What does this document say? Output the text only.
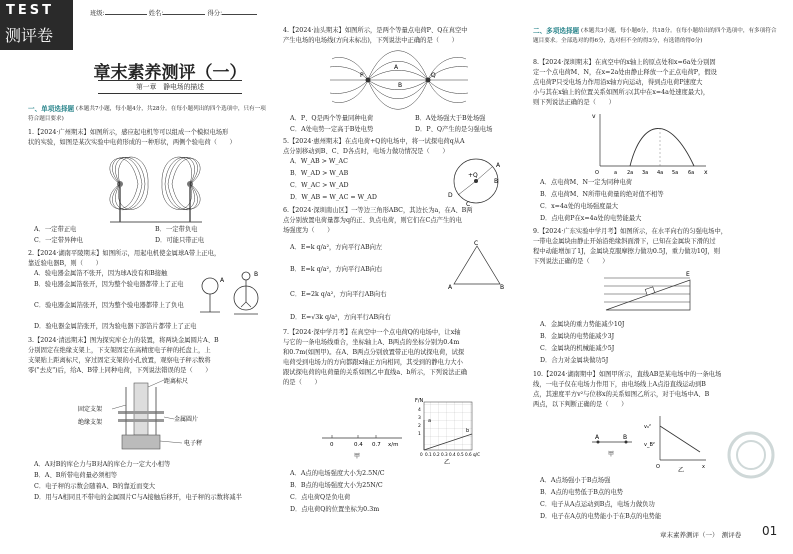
TEST
测评卷
班级:	姓名:	得分:
章末素养测评（一）
第一章　静电场的描述
一、单项选择题 (本题共7小题，每小题4分，共28分。在每小题列出的四个选项中，只有一项符合题目要求)
1.【2024·广州期末】如图所示，感应起电机等可以组成一个模拟电场形
状的实验，如图是某次实验中电荷形成的一种形状，两侧个验电荷（　　）
A．一定带正电	B．一定带负电
C．一定带异种电	D．可能只带正电
2.【2024·湖南平陵期末】如图所示，用起电机使金属球A带上正电，
靠近验电器B，则（　　）
A．验电器金属箔不张开，因为球A没有和B接触
B．验电器金属箔张开，因为整个验电器都带上了正电
C．验电器金属箔张开，因为整个验电器都带上了负电
D．验电器金属箔张开，因为验电器下部箔片都带上了正电
A
B
3.【2024·清远期末】图为探究库仑力的装置，将两块金属圆片A、B
分别固定在绝缘支架上，下支架固定在高精度电子秤的托盘上，上
支架贴上距离标尺，穿过固定支架的小孔放置，观察电子秤示数将
零("去皮")后，给A、B带上同种电荷，下列说法错误的是（　　）
距离标尺
固定支架
绝缘支架	金属圆片
电子秤
A．A对B的库仑力与B对A的库仑力一定大小相等
B．A、B所带电荷量必须相等
C．电子秤的示数会随着A、B的靠近而变大
D．用与A相同且不带电的金属圆片C与A接触后移开，电子秤的示数将减半
4.【2024·汕头期末】如图所示，是两个等量点电荷P、Q在真空中
产生电场的电场线(方向未标出)，下列说法中正确的是（　　）
P	Q
A
B
A．P、Q是两个等量同种电荷	B．A处场强大于B处场强
C．A处电势一定高于B处电势	D．P、Q产生的是匀强电场
5.【2024·惠州期末】在点电荷+Q的电场中，将一试探电荷q从A
点分别移动到B、C、D各点时，电场力做功情况是（　　）
A．W_AB > W_AC
B．W_AD > W_AB
C．W_AC > W_AD
D．W_AB = W_AC = W_AD
+Q
A
B
C
D
6.【2024·深圳南山区】一等边三角形ABC，其边长为a，在A、B两
点分别放置电荷量都为q的正、负点电荷，则它们在C点产生的电
场强度为（　　）
A．E=k q/a²，方向平行AB向左
B．E=k q/a²，方向平行AB向右
C．E=2k q/a²，方向平行AB向右
D．E=√3k q/a²，方向平行AB向右
C
A	B
7.【2024·深中学月考】在真空中一个点电荷Q的电场中，让x轴
与它的一条电场线重合，坐标轴上A、B两点的坐标分别为0.4m
和0.7m(如图甲)。在A、B两点分别放置带正电的试探电荷，试探
电荷受到电场力的方向都跟x轴正方向相同，其受到的静电力大小
跟试探电荷的电荷量的关系如图乙中直线a、b所示，下列说法正确
的是（　　）
0	0.4 0.7 x/m
甲
F/N
4
3
2
1
a
b
0 0.1 0.2 0.3 0.4 0.5 0.6 q/C
乙
A．A点的电场强度大小为2.5N/C
B．B点的电场强度大小为25N/C
C．点电荷Q是负电荷
D．点电荷Q的位置坐标为0.3m
二、多项选择题 (本题共3小题，每小题6分，共18分。在每小题给出的四个选项中，有多项符合题目要求。全部选对的得6分，选对但不全的得3分，有选错的得0分)
8.【2024·深圳期末】在真空中的x轴上的原点处和x=6a处分别固
定一个点电荷M、N，在x=2a处由静止释放一个正点电荷P，假设
点电荷P只受电场力作用沿x轴方向运动，得到点电荷P速度大
小与其在x轴上的位置关系如图所示(其中在x=4a处速度最大)，
则下列说法正确的是（　　）
v
x
O	a 2a 3a 4a 5a 6a
A．点电荷M、N一定为同种电荷
B．点电荷M、N所带电荷量的绝对值不相等
C．x=4a处的电场强度最大
D．点电荷P在x=4a处的电势能最大
9.【2024·广东实验中学月考】如图所示，在水平向右的匀强电场中，
一带电金属块由静止开始沿绝缘斜面滑下，已知在金属块下滑的过
程中动能增加了1J，金属块克服摩擦力做功0.5J，重力做功10J，则
下列说法正确的是（　　）
E
A．金属块的重力势能减少10J
B．金属块的电势能减少3J
C．金属块的机械能减少5J
D．合力对金属块做功5J
10.【2024·湖南期中】如图甲所示，直线AB是某电场中的一条电场
线，一电子仅在电场力作用下，由电场线上A点沿直线运动到B
点，其速度平方v²与位移x的关系如图乙所示，对于电场中A、B
两点，以下判断正确的是（　　）
A	B
甲
v₀²
v_B²
O	x
乙
A．A点场强小于B点场强
B．A点的电势低于B点的电势
C．电子从A点运动到B点，电场力做负功
D．电子在A点的电势能小于在B点的电势能
章末素养测评（一）　测评卷 01
